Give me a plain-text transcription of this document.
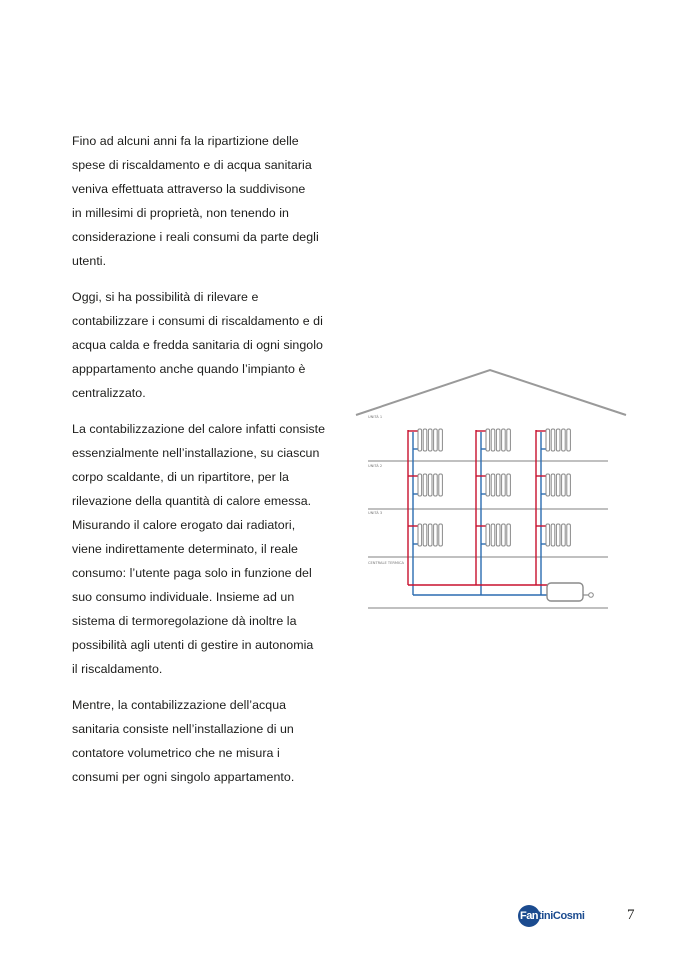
Fino ad alcuni anni fa la ripartizione delle
spese di riscaldamento e di acqua sanitaria
veniva effettuata attraverso la suddivisone
in millesimi di proprietà, non tenendo in
considerazione i reali consumi da parte degli
utenti.

Oggi, si ha possibilità di rilevare e
contabilizzare i consumi di riscaldamento e di
acqua calda e fredda sanitaria di ogni singolo
apppartamento anche quando l’impianto è
centralizzato.

La contabilizzazione del calore infatti consiste
essenzialmente nell’installazione, su ciascun
corpo scaldante, di un ripartitore, per la
rilevazione della quantità di calore emessa.
Misurando il calore erogato dai radiatori,
viene indirettamente determinato, il reale
consumo: l’utente paga solo in funzione del
suo consumo individuale. Insieme ad un
sistema di termoregolazione dà inoltre la
possibilità agli utenti di gestire in autonomia
il riscaldamento.

Mentre, la contabilizzazione dell’acqua
sanitaria consiste nell’installazione di un
contatore volumetrico che ne misura i
consumi per ogni singolo appartamento.

UNITÀ 1
UNITÀ 2
UNITÀ 3
CENTRALE TERMICA
Fan tiniCosmi	7
